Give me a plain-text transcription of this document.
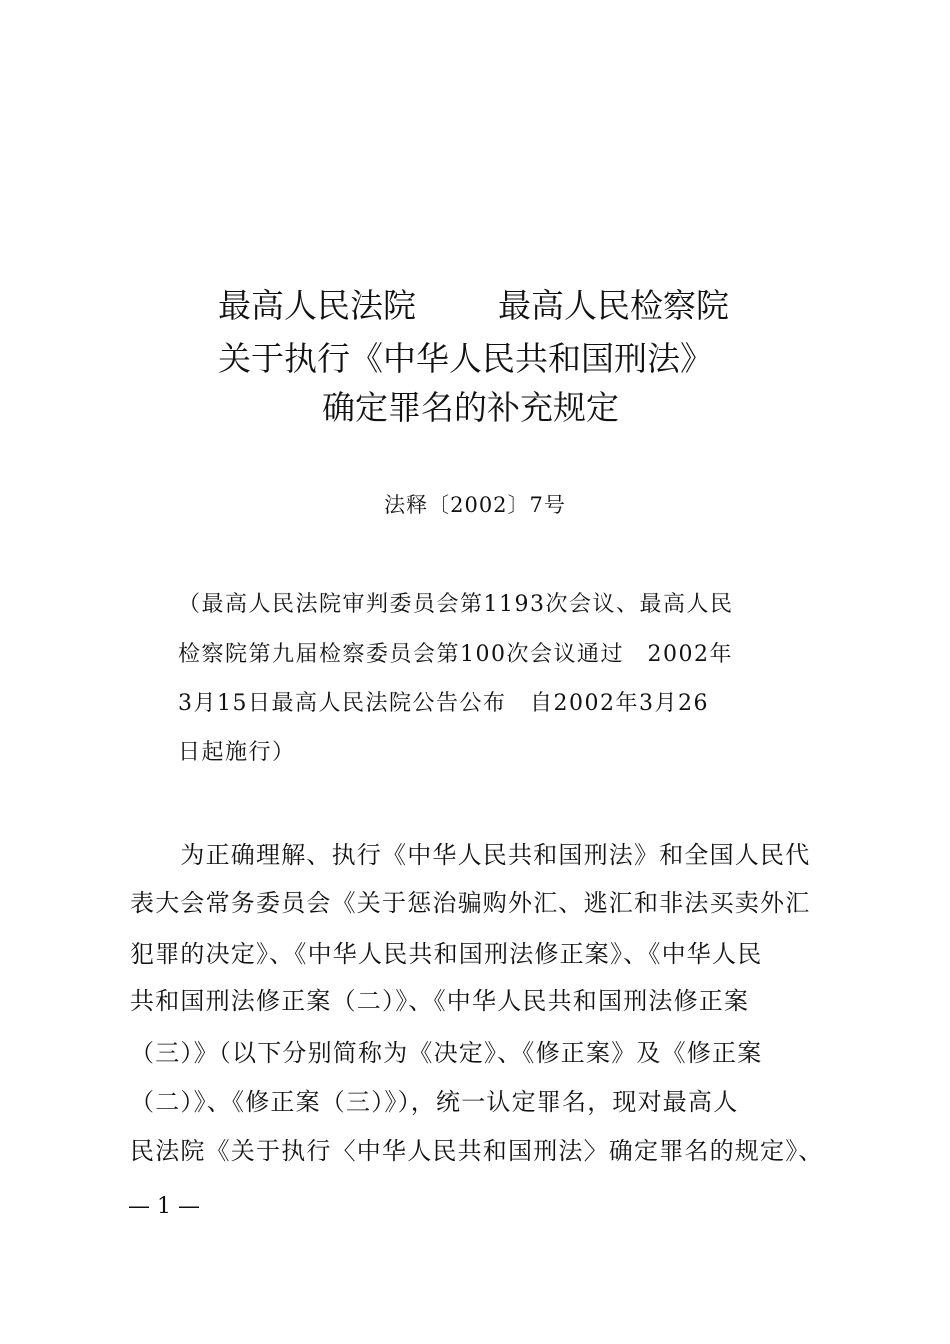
最高人民法院 最高人民检察院
关于执行《中华人民共和国刑法》
确定罪名的补充规定
法释〔2002〕7号
（最高人民法院审判委员会第1193次会议、最高人民
检察院第九届检察委员会第100次会议通过　2002年
3月15日最高人民法院公告公布　自2002年3月26
日起施行）
　　为正确理解、执行《中华人民共和国刑法》和全国人民代
表大会常务委员会《关于惩治骗购外汇、逃汇和非法买卖外汇
犯罪的决定》、《中华人民共和国刑法修正案》、《中华人民
共和国刑法修正案（二）》、《中华人民共和国刑法修正案
（三）》（以下分别简称为《决定》、《修正案》及《修正案
（二）》、《修正案（三）》），统一认定罪名，现对最高人
民法院《关于执行〈中华人民共和国刑法〉确定罪名的规定》、
— 1 —
